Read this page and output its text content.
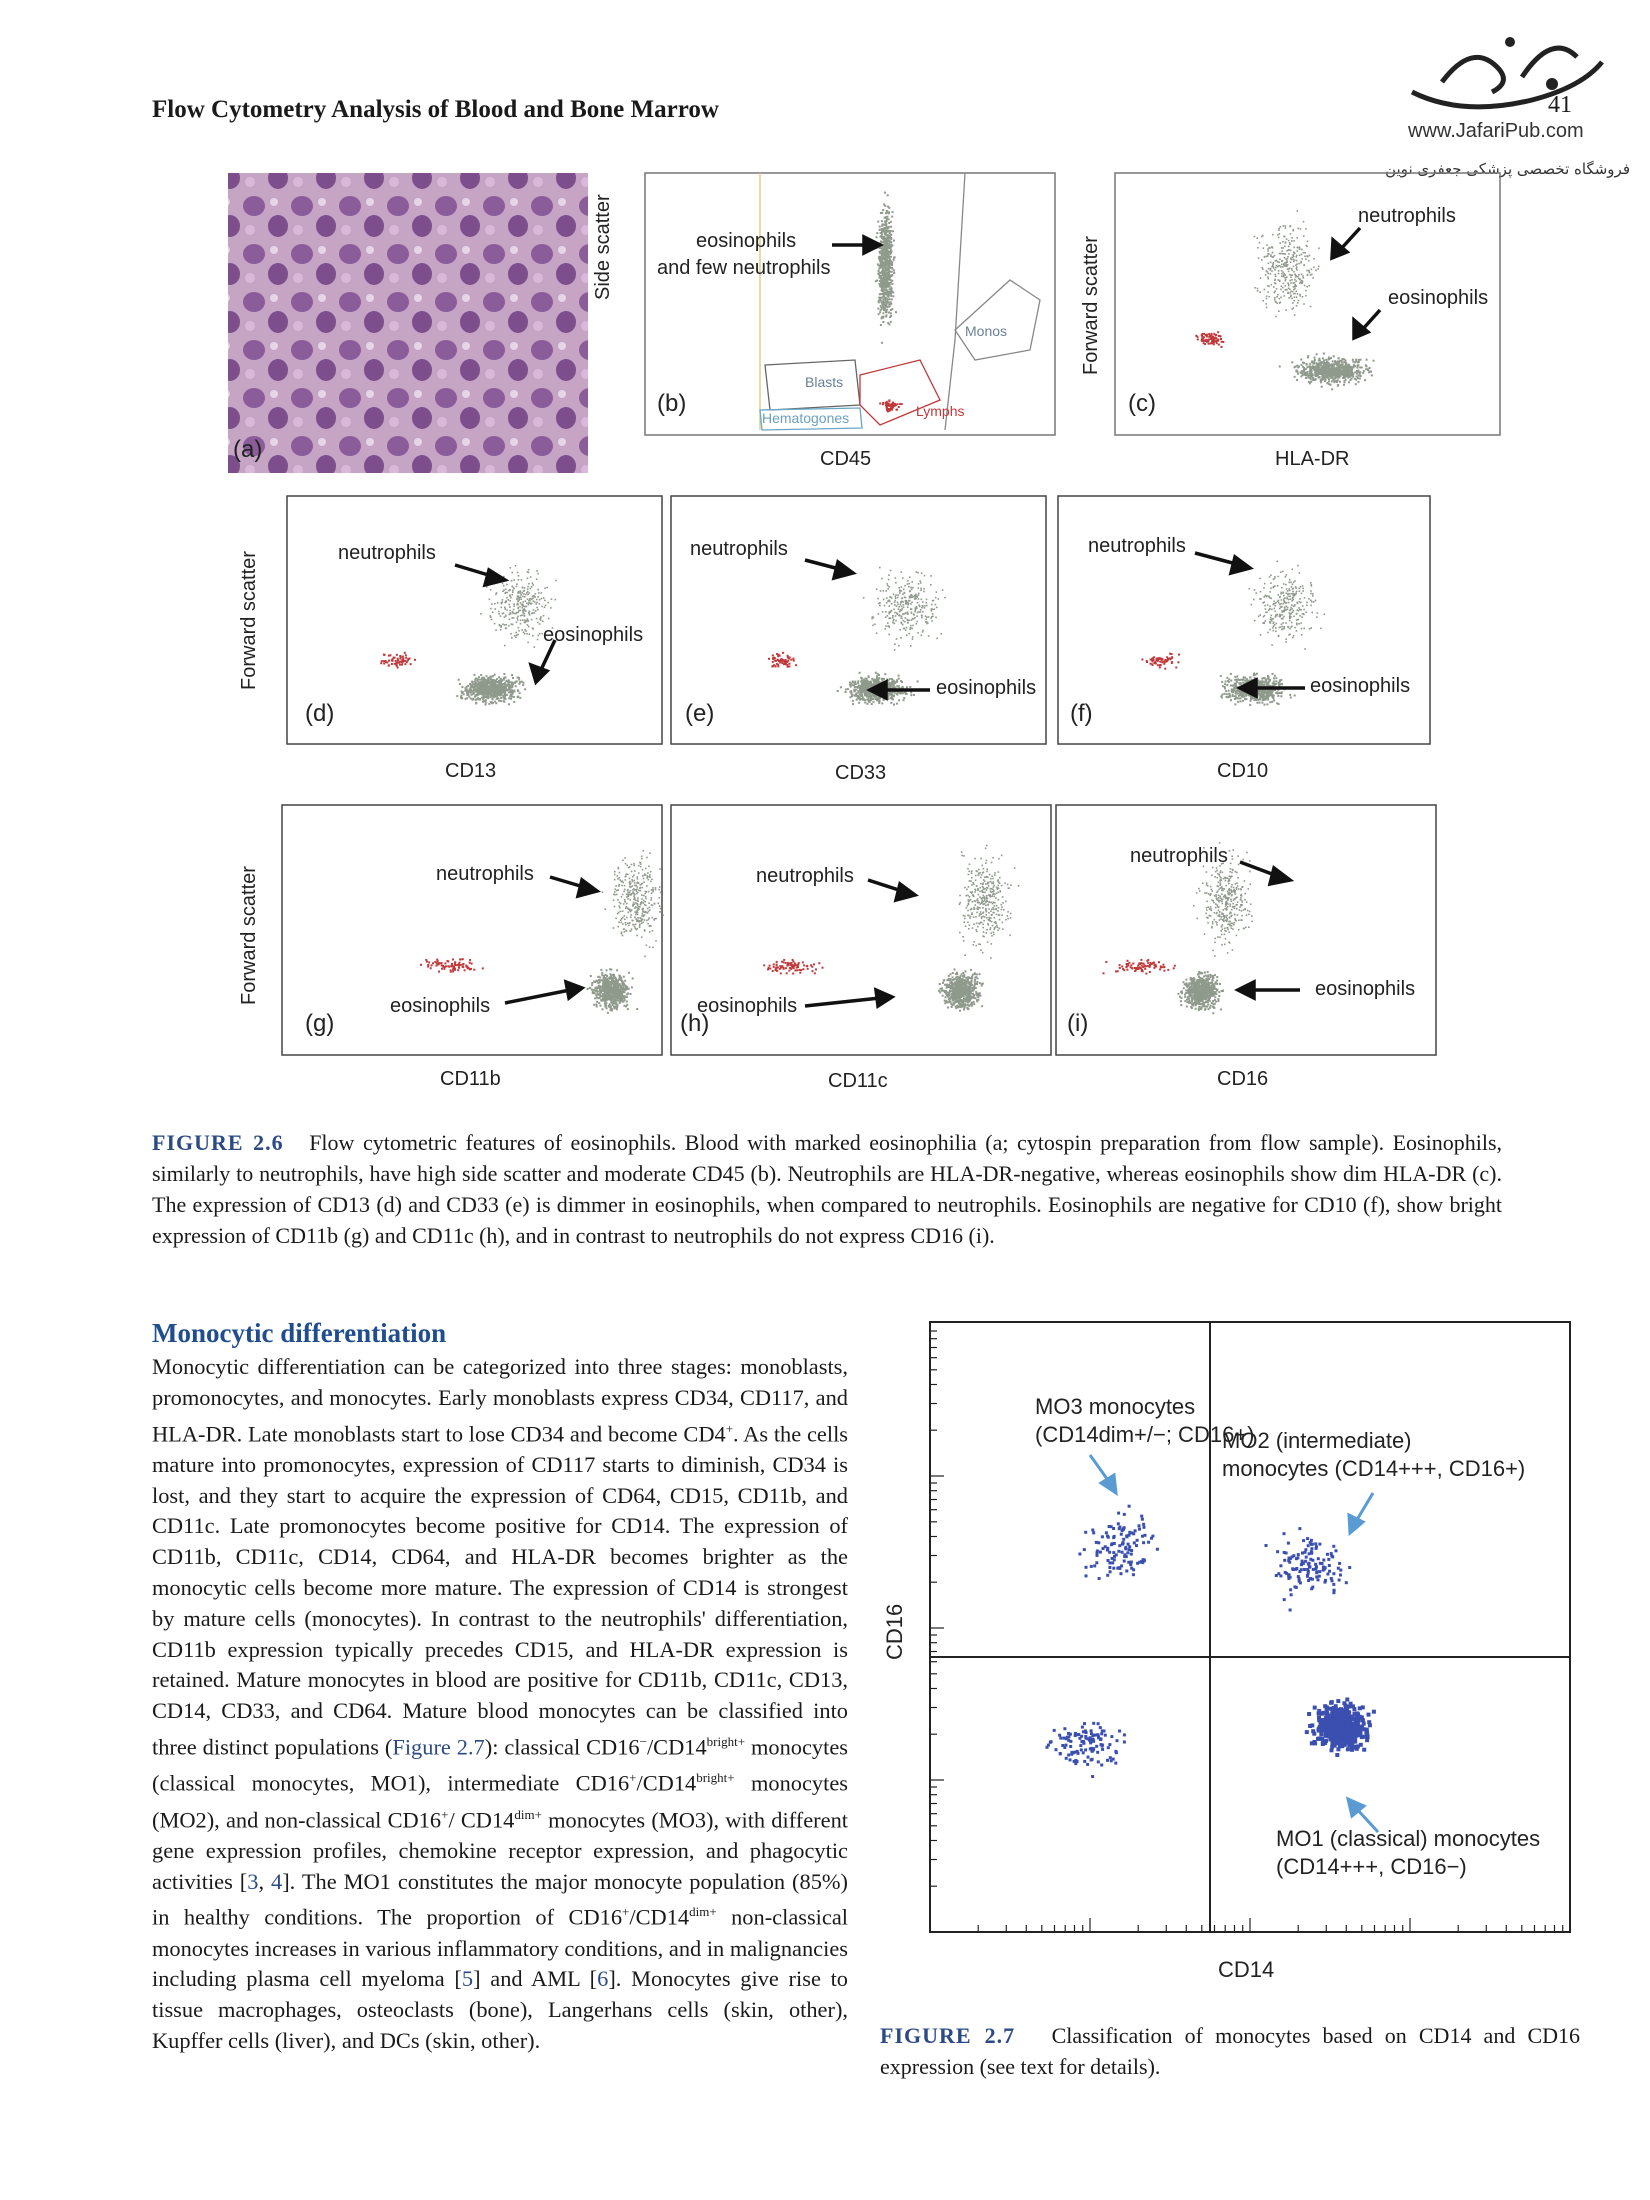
Flow Cytometry Analysis of Blood and Bone Marrow	41
www.JafariPub.com
فروشگاه تخصصی پزشکی جعفری نوین
(a)
eosinophils
and few neutrophils
Monos
Blasts
Hematogones	Lymphs
(b)
Side scatter
CD45
neutrophils
eosinophils
(c)
Forward scatter
HLA-DR
Forward scatter	neutrophils
eosinophils
(d)
CD13
neutrophils
eosinophils
(e)
CD33
neutrophils
eosinophils
(f)
CD10
Forward scatter	neutrophils
eosinophils
(g)
CD11b
neutrophils
eosinophils
(h)
CD11c
neutrophils
eosinophils
(i)
CD16
FIGURE 2.6 Flow cytometric features of eosinophils. Blood with marked eosinophilia (a; cytospin preparation from flow sample). Eosinophils, similarly to neutrophils, have high side scatter and moderate CD45 (b). Neutrophils are HLA-DR-negative, whereas eosinophils show dim HLA-DR (c). The expression of CD13 (d) and CD33 (e) is dimmer in eosinophils, when compared to neutrophils. Eosinophils are negative for CD10 (f), show bright expression of CD11b (g) and CD11c (h), and in contrast to neutrophils do not express CD16 (i).
Monocytic differentiation
Monocytic differentiation can be categorized into three stages: monoblasts, promonocytes, and monocytes. Early monoblasts express CD34, CD117, and HLA-DR. Late monoblasts start to lose CD34 and become CD4+. As the cells mature into promonocytes, expression of CD117 starts to diminish, CD34 is lost, and they start to acquire the expression of CD64, CD15, CD11b, and CD11c. Late promonocytes become positive for CD14. The expression of CD11b, CD11c, CD14, CD64, and HLA-DR becomes brighter as the monocytic cells become more mature. The expression of CD14 is strongest by mature cells (monocytes). In contrast to the neutrophils' differentiation, CD11b expression typically precedes CD15, and HLA-DR expression is retained. Mature monocytes in blood are positive for CD11b, CD11c, CD13, CD14, CD33, and CD64. Mature blood monocytes can be classified into three distinct populations (Figure 2.7): classical $CD16^-/CD14^{bright+}$ monocytes (classical monocytes, MO1), intermediate $CD16^+/CD14^{bright+}$ monocytes (MO2), and non-classical CD16+/ $CD14^{dim+}$ monocytes (MO3), with different gene expression profiles, chemokine receptor expression, and phagocytic activities [3, 4]. The MO1 constitutes the major monocyte population (85%) in healthy conditions. The proportion of $CD16^+/CD14^{dim+}$ non-classical monocytes increases in various inflammatory conditions, and in malignancies including plasma cell myeloma [5] and AML [6]. Monocytes give rise to tissue macrophages, osteoclasts (bone), Langerhans cells (skin, other), Kupffer cells (liver), and DCs (skin, other).
MO3 monocytes
(CD14dim+/−; CD16+)
MO2 (intermediate)
monocytes (CD14+++, CD16+)
MO1 (classical) monocytes
(CD14+++, CD16−)
CD16
CD14
FIGURE 2.7 Classification of monocytes based on CD14 and CD16 expression (see text for details).
